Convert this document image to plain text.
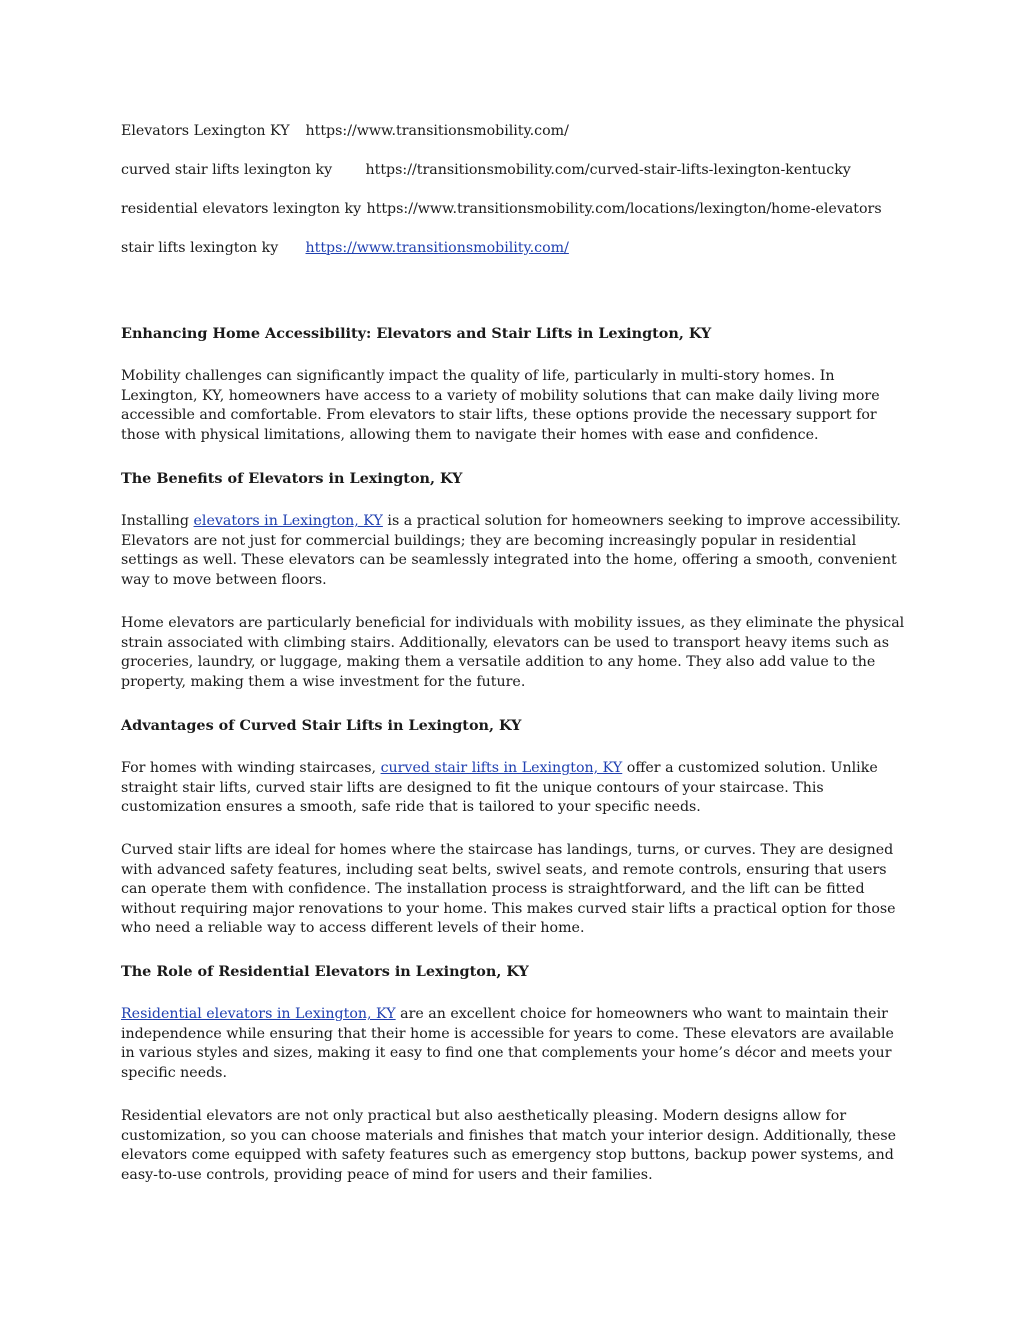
Elevators Lexington KY https://www.transitionsmobility.com/
curved stair lifts lexington ky https://transitionsmobility.com/curved-stair-lifts-lexington-kentucky
residential elevators lexington ky https://www.transitionsmobility.com/locations/lexington/home-elevators
stair lifts lexington ky https://www.transitionsmobility.com/
Enhancing Home Accessibility: Elevators and Stair Lifts in Lexington, KY

Mobility challenges can significantly impact the quality of life, particularly in multi-story homes. In Lexington, KY, homeowners have access to a variety of mobility solutions that can make daily living more accessible and comfortable. From elevators to stair lifts, these options provide the necessary support for those with physical limitations, allowing them to navigate their homes with ease and confidence.

The Benefits of Elevators in Lexington, KY

Installing elevators in Lexington, KY is a practical solution for homeowners seeking to improve accessibility. Elevators are not just for commercial buildings; they are becoming increasingly popular in residential settings as well. These elevators can be seamlessly integrated into the home, offering a smooth, convenient way to move between floors.

Home elevators are particularly beneficial for individuals with mobility issues, as they eliminate the physical strain associated with climbing stairs. Additionally, elevators can be used to transport heavy items such as groceries, laundry, or luggage, making them a versatile addition to any home. They also add value to the property, making them a wise investment for the future.

Advantages of Curved Stair Lifts in Lexington, KY

For homes with winding staircases, curved stair lifts in Lexington, KY offer a customized solution. Unlike straight stair lifts, curved stair lifts are designed to fit the unique contours of your staircase. This customization ensures a smooth, safe ride that is tailored to your specific needs.

Curved stair lifts are ideal for homes where the staircase has landings, turns, or curves. They are designed with advanced safety features, including seat belts, swivel seats, and remote controls, ensuring that users can operate them with confidence. The installation process is straightforward, and the lift can be fitted without requiring major renovations to your home. This makes curved stair lifts a practical option for those who need a reliable way to access different levels of their home.

The Role of Residential Elevators in Lexington, KY

Residential elevators in Lexington, KY are an excellent choice for homeowners who want to maintain their independence while ensuring that their home is accessible for years to come. These elevators are available in various styles and sizes, making it easy to find one that complements your home’s décor and meets your specific needs.

Residential elevators are not only practical but also aesthetically pleasing. Modern designs allow for customization, so you can choose materials and finishes that match your interior design. Additionally, these elevators come equipped with safety features such as emergency stop buttons, backup power systems, and easy-to-use controls, providing peace of mind for users and their families.
